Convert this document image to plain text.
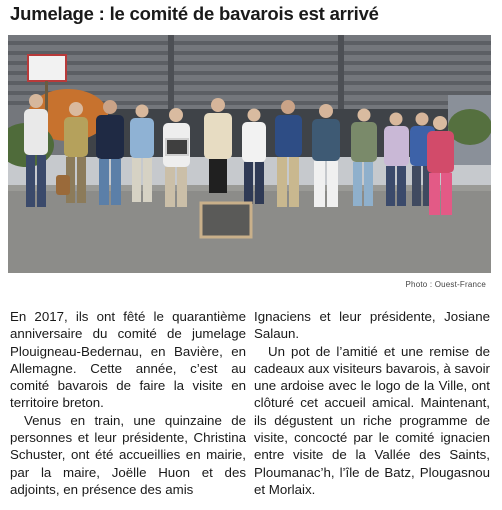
Jumelage : le comité de bavarois est arrivé
Photo : Ouest-France

En 2017, ils ont fêté le quarantième anniversaire du comité de jumelage Plouigneau-Bedernau, en Bavière, en Allemagne. Cette année, c’est au comité bavarois de faire la visite en territoire breton.

Venus en train, une quinzaine de personnes et leur présidente, Christina Schuster, ont été accueillies en mairie, par la maire, Joëlle Huon et des adjoints, en présence des amis

Ignaciens et leur présidente, Josiane Salaun.

Un pot de l’amitié et une remise de cadeaux aux visiteurs bavarois, à savoir une ardoise avec le logo de la Ville, ont clôturé cet accueil amical. Maintenant, ils dégustent un riche programme de visite, concocté par le comité ignacien entre visite de la Vallée des Saints, Ploumanac’h, l’île de Batz, Plougasnou et Morlaix.
